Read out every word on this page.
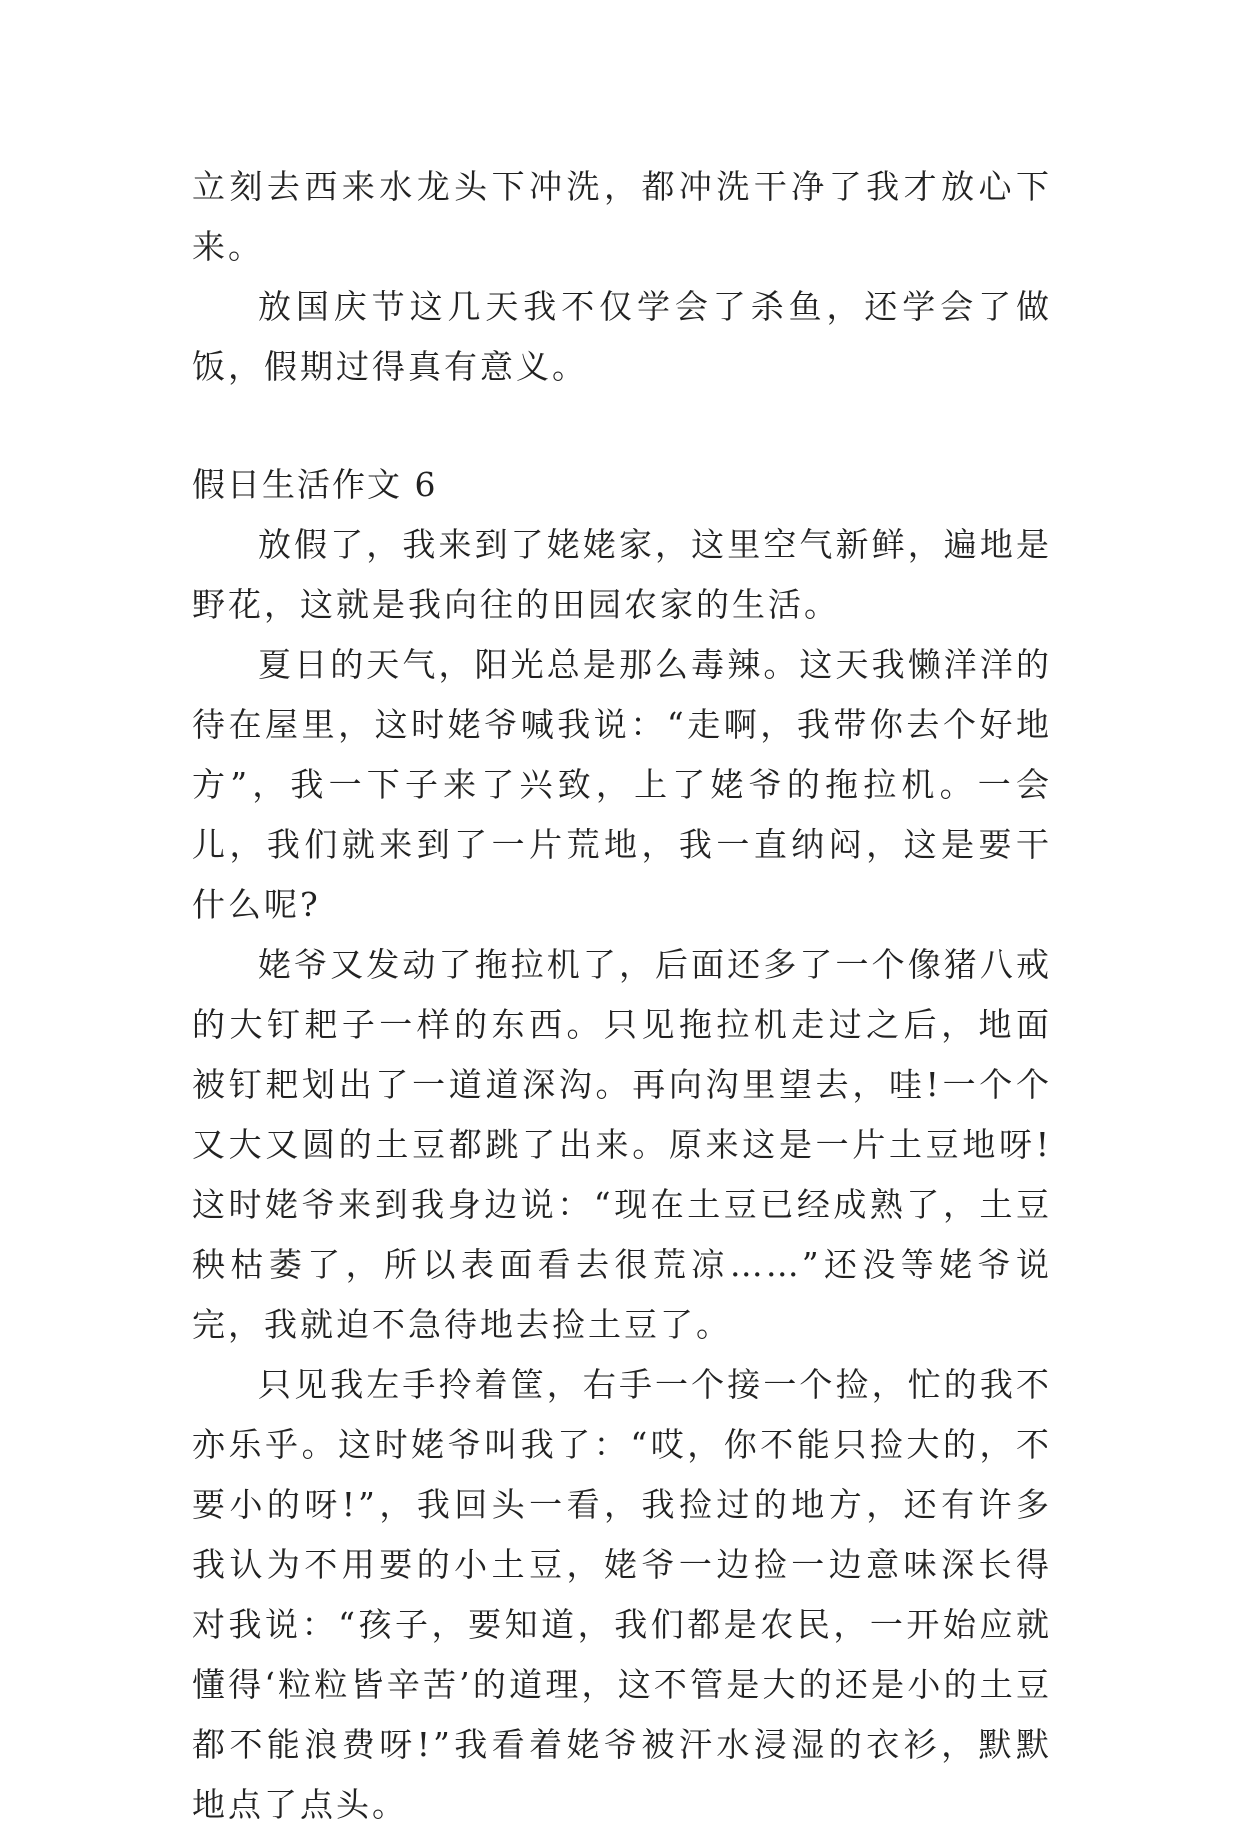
立刻去西来水龙头下冲洗，都冲洗干净了我才放心下来。

放国庆节这几天我不仅学会了杀鱼，还学会了做饭，假期过得真有意义。

假日生活作文 6

放假了，我来到了姥姥家，这里空气新鲜，遍地是野花，这就是我向往的田园农家的生活。

夏日的天气，阳光总是那么毒辣。这天我懒洋洋的待在屋里，这时姥爷喊我说：“走啊，我带你去个好地方”，我一下子来了兴致，上了姥爷的拖拉机。一会儿，我们就来到了一片荒地，我一直纳闷，这是要干什么呢?

姥爷又发动了拖拉机了，后面还多了一个像猪八戒的大钉耙子一样的东西。只见拖拉机走过之后，地面被钉耙划出了一道道深沟。再向沟里望去，哇!一个个又大又圆的土豆都跳了出来。原来这是一片土豆地呀!这时姥爷来到我身边说：“现在土豆已经成熟了，土豆秧枯萎了，所以表面看去很荒凉……”还没等姥爷说完，我就迫不急待地去捡土豆了。

只见我左手拎着筐，右手一个接一个捡，忙的我不亦乐乎。这时姥爷叫我了：“哎，你不能只捡大的，不要小的呀!”，我回头一看，我捡过的地方，还有许多我认为不用要的小土豆，姥爷一边捡一边意味深长得对我说：“孩子，要知道，我们都是农民，一开始应就懂得‘粒粒皆辛苦’的道理，这不管是大的还是小的土豆都不能浪费呀!”我看着姥爷被汗水浸湿的衣衫，默默地点了点头。
